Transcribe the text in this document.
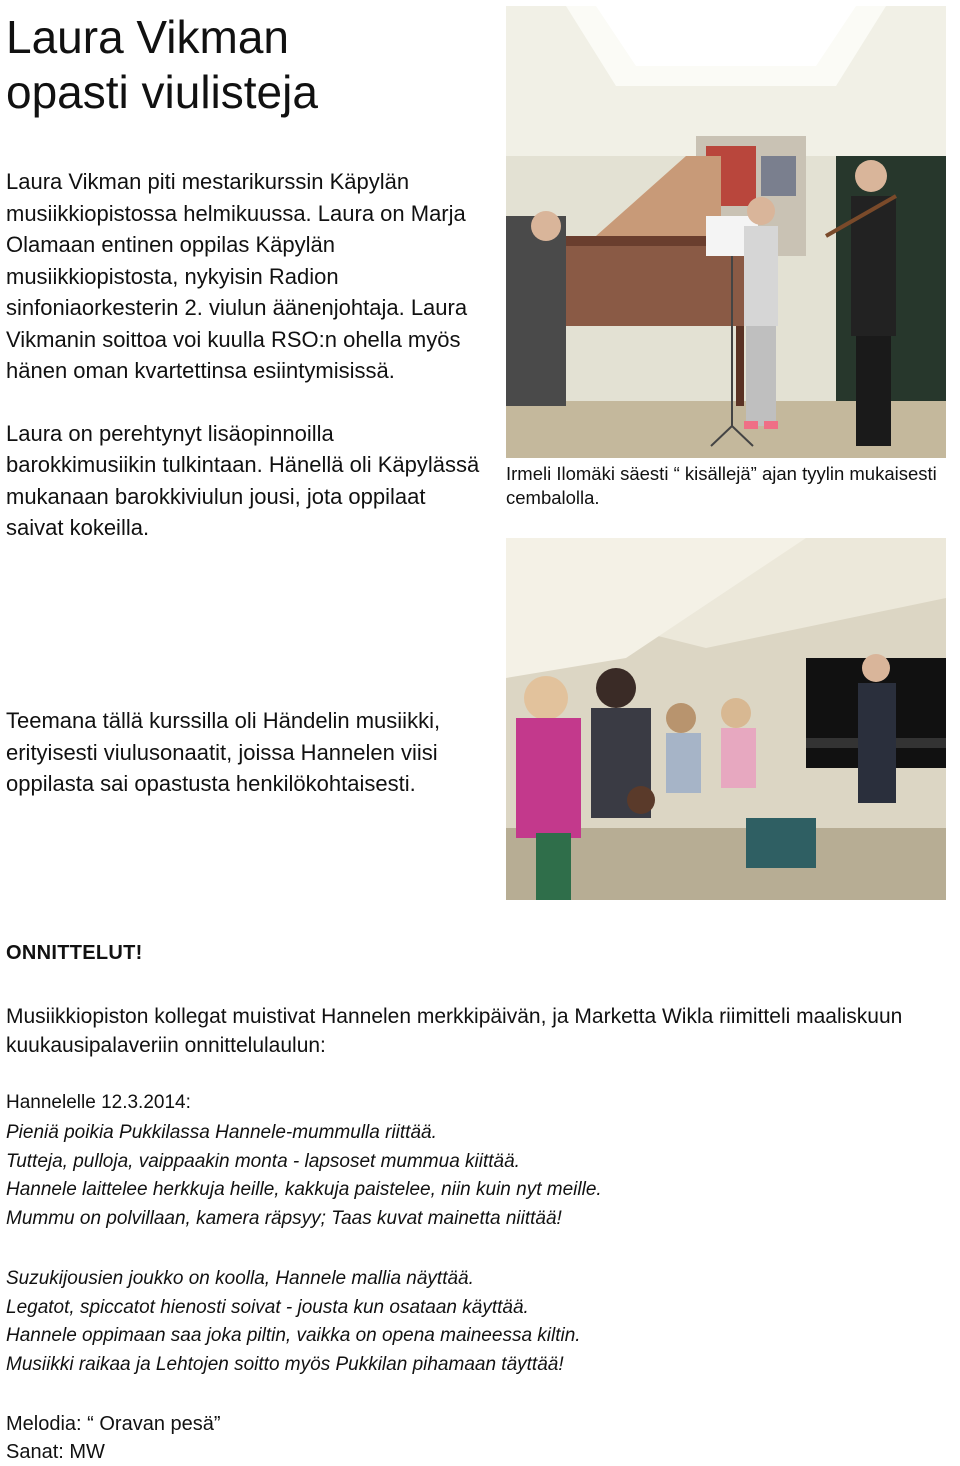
Laura Vikman
opasti viulisteja

Laura Vikman piti mestarikurssin Käpylän musiikkiopistossa helmikuussa. Laura on Marja Olamaan entinen oppilas Käpylän musiikkiopistosta, nykyisin Radion sinfoniaorkesterin 2. viulun äänenjohtaja. Laura Vikmanin soittoa voi kuulla RSO:n ohella myös hänen oman kvartettinsa esiintymisissä.

Laura on perehtynyt lisäopinnoilla barokkimusiikin tulkintaan. Hänellä oli Käpylässä mukanaan barokkiviulun jousi, jota oppilaat saivat kokeilla.

Teemana tällä kurssilla oli Händelin musiikki, erityisesti viulusonaatit, joissa Hannelen viisi oppilasta sai opastusta henkilökohtaisesti.

Irmeli Ilomäki säesti “ kisällejä” ajan tyylin mukaisesti cembalolla.

ONNITTELUT!

Musiikkiopiston kollegat muistivat Hannelen merkkipäivän, ja Marketta Wikla riimitteli maaliskuun kuukausipalaveriin onnittelulaulun:

Hannelelle 12.3.2014:

Pieniä poikia Pukkilassa Hannele-mummulla riittää.
Tutteja, pulloja, vaippaakin monta - lapsoset mummua kiittää.
Hannele laittelee herkkuja heille, kakkuja paistelee, niin kuin nyt meille.
Mummu on polvillaan, kamera räpsyy; Taas kuvat mainetta niittää!
Suzukijousien joukko on koolla, Hannele mallia näyttää.
Legatot, spiccatot hienosti soivat - jousta kun osataan käyttää.
Hannele oppimaan saa joka piltin, vaikka on opena maineessa kiltin.
Musiikki raikaa ja Lehtojen soitto myös Pukkilan pihamaan täyttää!
Melodia: “ Oravan pesä”
Sanat: MW
